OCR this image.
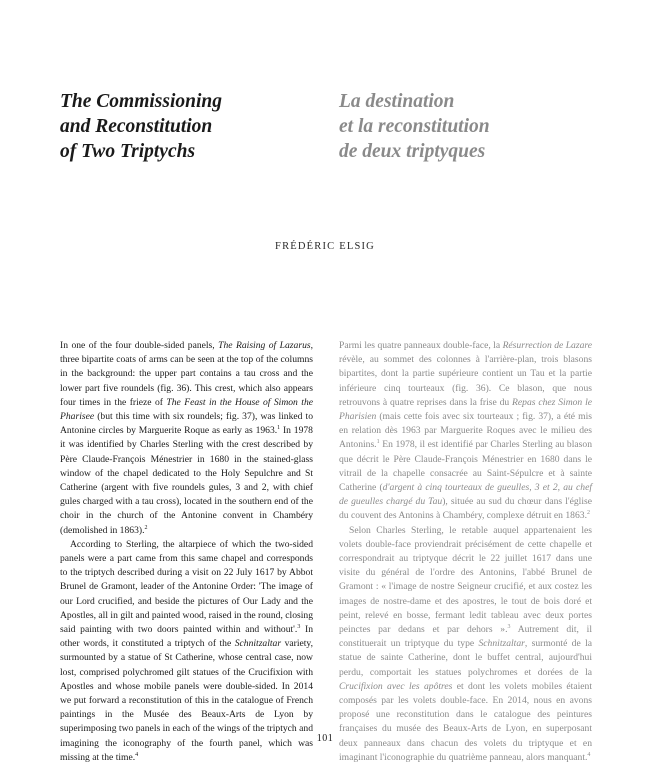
The Commissioning
and Reconstitution
of Two Triptychs
La destination
et la reconstitution
de deux triptyques
FRÉDÉRIC ELSIG

In one of the four double-sided panels, The Raising of Lazarus, three bipartite coats of arms can be seen at the top of the columns in the background: the upper part contains a tau cross and the lower part five roundels (fig. 36). This crest, which also appears four times in the frieze of The Feast in the House of Simon the Pharisee (but this time with six roundels; fig. 37), was linked to Antonine circles by Marguerite Roque as early as 1963.$^1$ In 1978 it was identified by Charles Sterling with the crest described by Père Claude-François Ménestrier in 1680 in the stained-glass window of the chapel dedicated to the Holy Sepulchre and St Catherine (argent with five roundels gules, 3 and 2, with chief gules charged with a tau cross), located in the southern end of the choir in the church of the Antonine convent in Chambéry (demolished in 1863).$^2$

According to Sterling, the altarpiece of which the two-sided panels were a part came from this same chapel and corresponds to the triptych described during a visit on 22 July 1617 by Abbot Brunel de Gramont, leader of the Antonine Order: 'The image of our Lord crucified, and beside the pictures of Our Lady and the Apostles, all in gilt and painted wood, raised in the round, closing said painting with two doors painted within and without'.$^3$ In other words, it constituted a triptych of the Schnitzaltar variety, surmounted by a statue of St Catherine, whose central case, now lost, comprised polychromed gilt statues of the Crucifixion with Apostles and whose mobile panels were double-sided. In 2014 we put forward a reconstitution of this in the catalogue of French paintings in the Musée des Beaux-Arts de Lyon by superimposing two panels in each of the wings of the triptych and imagining the iconography of the fourth panel, which was missing at the time.$^4$

Parmi les quatre panneaux double-face, la Résurrection de Lazare révèle, au sommet des colonnes à l'arrière-plan, trois blasons bipartites, dont la partie supérieure contient un Tau et la partie inférieure cinq tourteaux (fig. 36). Ce blason, que nous retrouvons à quatre reprises dans la frise du Repas chez Simon le Pharisien (mais cette fois avec six tourteaux ; fig. 37), a été mis en relation dès 1963 par Marguerite Roques avec le milieu des Antonins.$^1$ En 1978, il est identifié par Charles Sterling au blason que décrit le Père Claude-François Ménestrier en 1680 dans le vitrail de la chapelle consacrée au Saint-Sépulcre et à sainte Catherine (d'argent à cinq tourteaux de gueulles, 3 et 2, au chef de gueulles chargé du Tau), située au sud du chœur dans l'église du couvent des Antonins à Chambéry, complexe détruit en 1863.$^2$

Selon Charles Sterling, le retable auquel appartenaient les volets double-face proviendrait précisément de cette chapelle et correspondrait au triptyque décrit le 22 juillet 1617 dans une visite du général de l'ordre des Antonins, l'abbé Brunel de Gramont : « l'image de nostre Seigneur crucifié, et aux costez les images de nostre-dame et des apostres, le tout de bois doré et peint, relevé en bosse, fermant ledit tableau avec deux portes peinctes par dedans et par dehors ».$^3$ Autrement dit, il constituerait un triptyque du type Schnitzaltar, surmonté de la statue de sainte Catherine, dont le buffet central, aujourd'hui perdu, comportait les statues polychromes et dorées de la Crucifixion avec les apôtres et dont les volets mobiles étaient composés par les volets double-face. En 2014, nous en avons proposé une reconstitution dans le catalogue des peintures françaises du musée des Beaux-Arts de Lyon, en superposant deux panneaux dans chacun des volets du triptyque et en imaginant l'iconographie du quatrième panneau, alors manquant.$^4$

101
